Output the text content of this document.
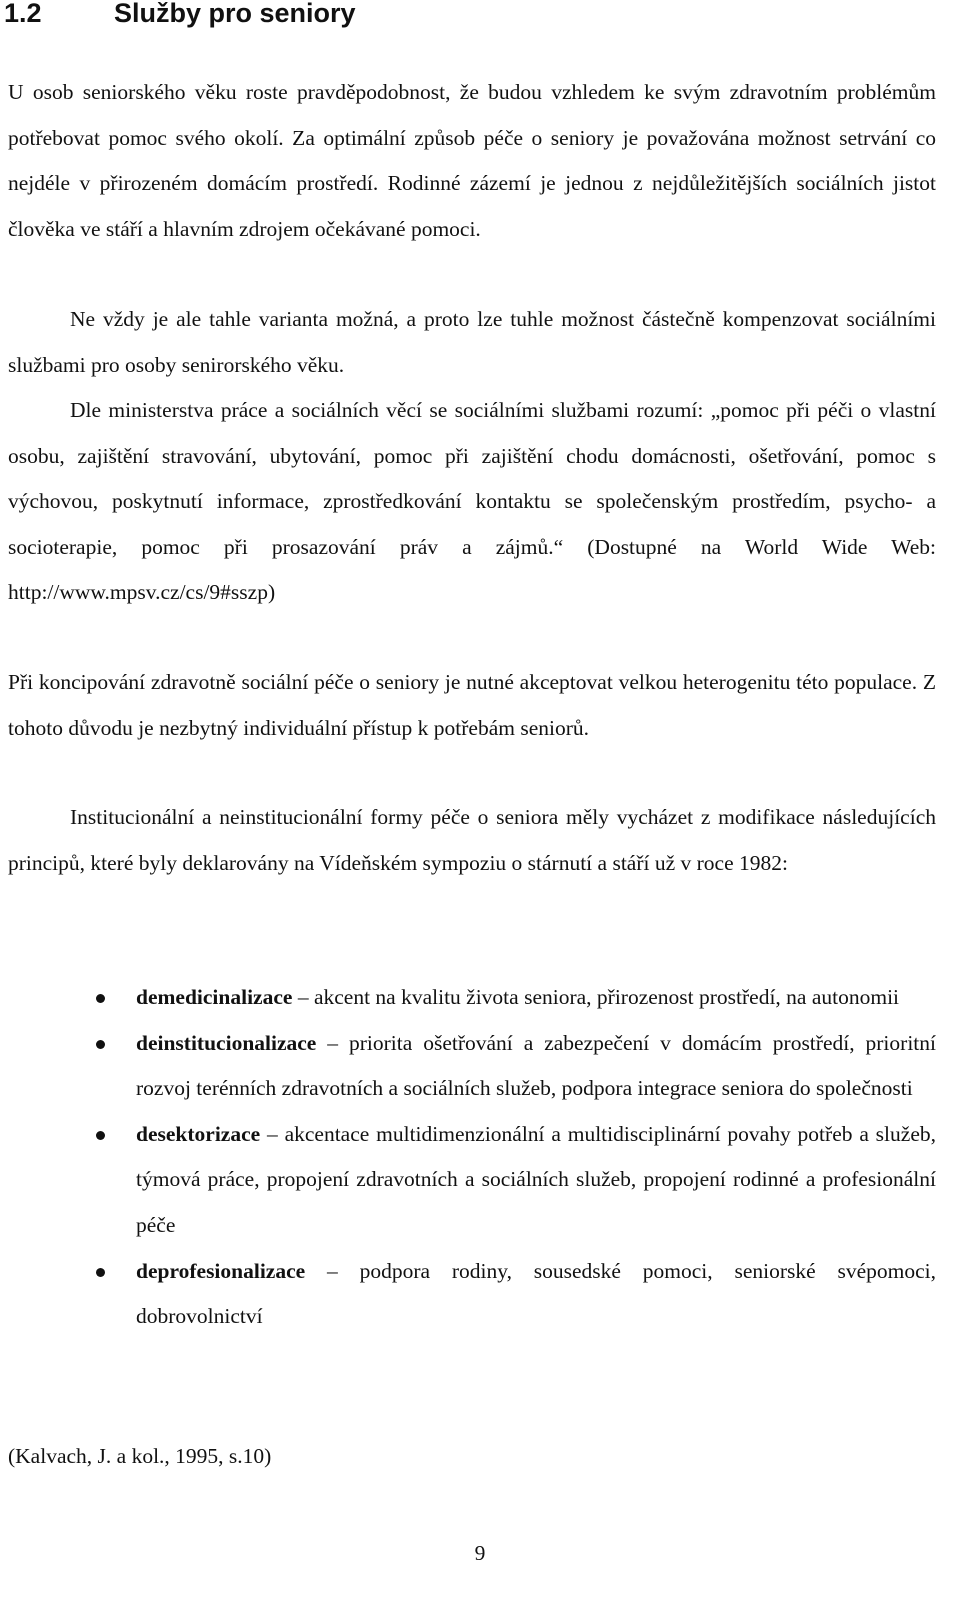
1.2	Služby pro seniory

U osob seniorského věku roste pravděpodobnost, že budou vzhledem ke svým zdravotním problémům potřebovat pomoc svého okolí. Za optimální způsob péče o seniory je považována možnost setrvání co nejdéle v přirozeném domácím prostředí. Rodinné zázemí je jednou z nejdůležitějších sociálních jistot člověka ve stáří a hlavním zdrojem očekávané pomoci.

Ne vždy je ale tahle varianta možná, a proto lze tuhle možnost částečně kompenzovat sociálními službami pro osoby senirorského věku.

Dle ministerstva práce a sociálních věcí se sociálními službami rozumí: „pomoc při péči o vlastní osobu, zajištění stravování, ubytování, pomoc při zajištění chodu domácnosti, ošetřování, pomoc s výchovou, poskytnutí informace, zprostředkování kontaktu se společenským prostředím, psycho- a socioterapie, pomoc při prosazování práv a zájmů.“ (Dostupné na World Wide Web: http://www.mpsv.cz/cs/9#sszp)

Při koncipování zdravotně sociální péče o seniory je nutné akceptovat velkou heterogenitu této populace. Z tohoto důvodu je nezbytný individuální přístup k potřebám seniorů.

Institucionální a neinstitucionální formy péče o seniora měly vycházet z modifikace následujících principů, které byly deklarovány na Vídeňském sympoziu o stárnutí a stáří už v roce 1982:

demedicinalizace – akcent na kvalitu života seniora, přirozenost prostředí, na autonomii
deinstitucionalizace – priorita ošetřování a zabezpečení v domácím prostředí, prioritní rozvoj terénních zdravotních a sociálních služeb, podpora integrace seniora do společnosti
desektorizace – akcentace multidimenzionální a multidisciplinární povahy potřeb a služeb, týmová práce, propojení zdravotních a sociálních služeb, propojení rodinné a profesionální péče
deprofesionalizace – podpora rodiny, sousedské pomoci, seniorské svépomoci, dobrovolnictví

(Kalvach, J. a kol., 1995, s.10)

9
